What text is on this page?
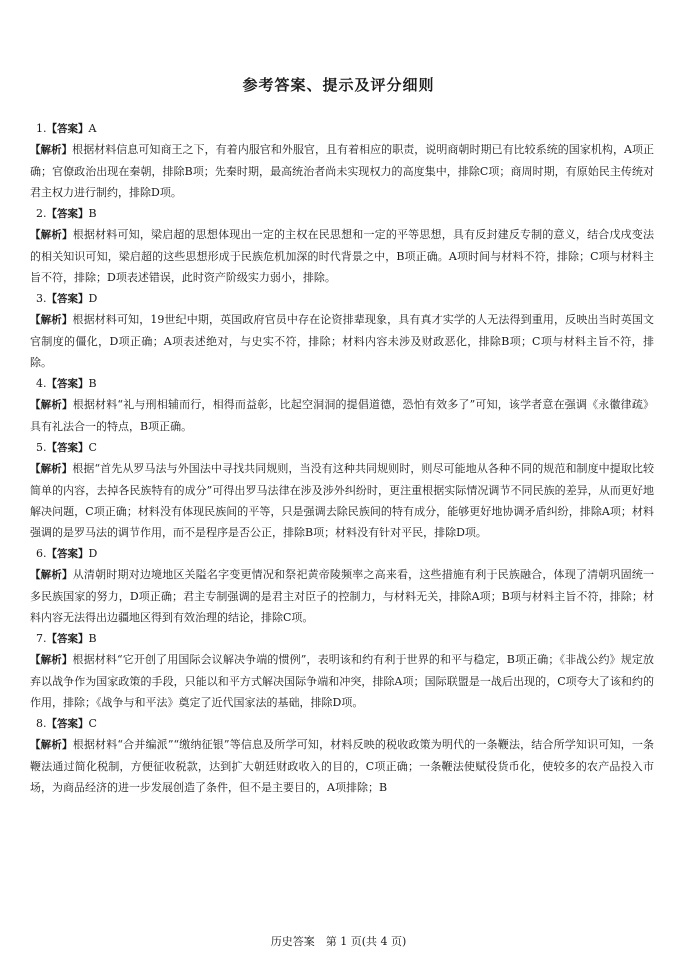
参考答案、提示及评分细则
1.【答案】A

【解析】根据材料信息可知商王之下，有着内服官和外服官，且有着相应的职责，说明商朝时期已有比较系统的国家机构，A项正确；官僚政治出现在秦朝，排除B项；先秦时期，最高统治者尚未实现权力的高度集中，排除C项；商周时期，有原始民主传统对君主权力进行制约，排除D项。

2.【答案】B

【解析】根据材料可知，梁启超的思想体现出一定的主权在民思想和一定的平等思想，具有反封建反专制的意义，结合戊戌变法的相关知识可知，梁启超的这些思想形成于民族危机加深的时代背景之中，B项正确。A项时间与材料不符，排除；C项与材料主旨不符，排除；D项表述错误，此时资产阶级实力弱小，排除。

3.【答案】D

【解析】根据材料可知，19世纪中期，英国政府官员中存在论资排辈现象，具有真才实学的人无法得到重用，反映出当时英国文官制度的僵化，D项正确；A项表述绝对，与史实不符，排除；材料内容未涉及财政恶化，排除B项；C项与材料主旨不符，排除。

4.【答案】B

【解析】根据材料“礼与刑相辅而行，相得而益彰，比起空洞洞的提倡道德，恐怕有效多了”可知，该学者意在强调《永徽律疏》具有礼法合一的特点，B项正确。

5.【答案】C

【解析】根据“首先从罗马法与外国法中寻找共同规则，当没有这种共同规则时，则尽可能地从各种不同的规范和制度中提取比较简单的内容，去掉各民族特有的成分”可得出罗马法律在涉及涉外纠纷时，更注重根据实际情况调节不同民族的差异，从而更好地解决问题，C项正确；材料没有体现民族间的平等，只是强调去除民族间的特有成分，能够更好地协调矛盾纠纷，排除A项；材料强调的是罗马法的调节作用，而不是程序是否公正，排除B项；材料没有针对平民，排除D项。

6.【答案】D

【解析】从清朝时期对边境地区关隘名字变更情况和祭祀黄帝陵频率之高来看，这些措施有利于民族融合，体现了清朝巩固统一多民族国家的努力，D项正确；君主专制强调的是君主对臣子的控制力，与材料无关，排除A项；B项与材料主旨不符，排除；材料内容无法得出边疆地区得到有效治理的结论，排除C项。

7.【答案】B

【解析】根据材料“它开创了用国际会议解决争端的惯例”，表明该和约有利于世界的和平与稳定，B项正确；《非战公约》规定放弃以战争作为国家政策的手段，只能以和平方式解决国际争端和冲突，排除A项；国际联盟是一战后出现的，C项夸大了该和约的作用，排除；《战争与和平法》奠定了近代国家法的基础，排除D项。

8.【答案】C

【解析】根据材料“合并编派”“缴纳征银”等信息及所学可知，材料反映的税收政策为明代的一条鞭法，结合所学知识可知，一条鞭法通过简化税制，方便征收税款，达到扩大朝廷财政收入的目的，C项正确；一条鞭法使赋役货币化，使较多的农产品投入市场，为商品经济的进一步发展创造了条件，但不是主要目的，A项排除；B

历史答案　第 1 页(共 4 页)
